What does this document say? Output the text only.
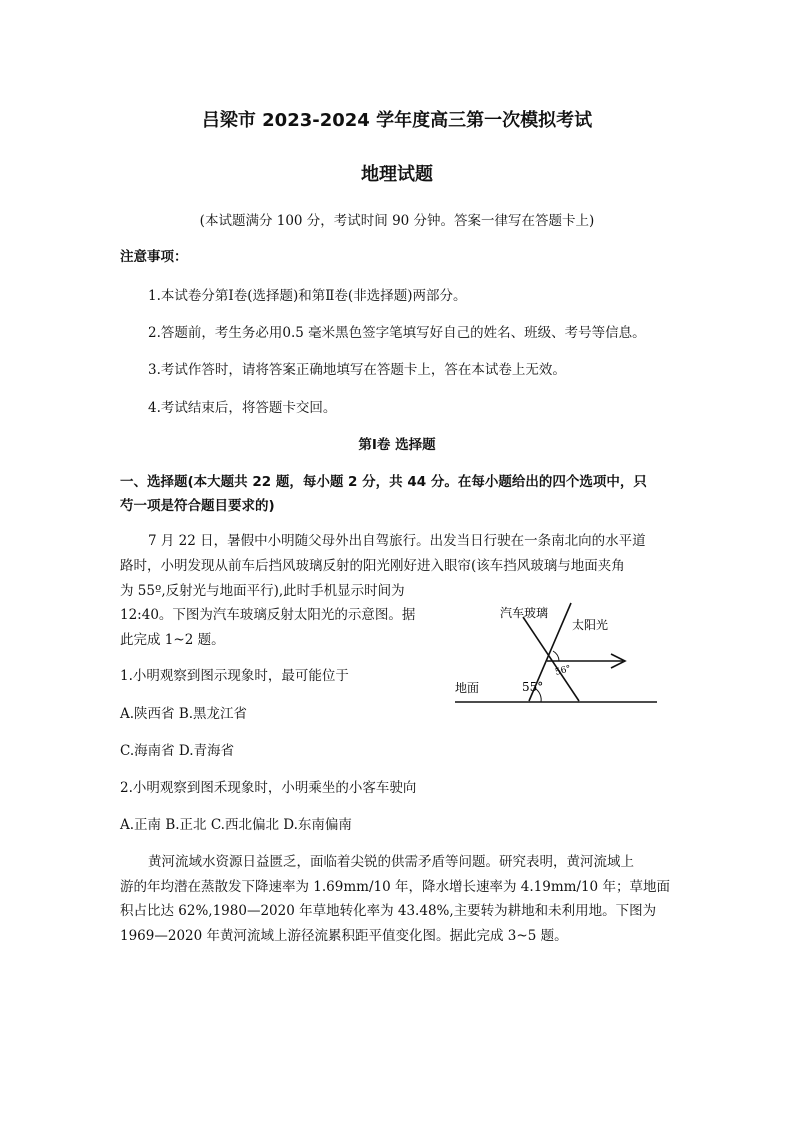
吕梁市 2023-2024 学年度高三第一次模拟考试
地理试题
(本试题满分 100 分，考试时间 90 分钟。答案一律写在答题卡上)
注意事项：
1.本试卷分第Ⅰ卷(选择题)和第Ⅱ卷(非选择题)两部分。
2.答题前，考生务必用0.5 毫米黑色签字笔填写好自己的姓名、班级、考号等信息。
3.考试作答时，请将答案正确地填写在答题卡上，答在本试卷上无效。
4.考试结束后，将答题卡交回。
第Ⅰ卷 选择题
一、选择题(本大题共 22 题，每小题 2 分，共 44 分。在每小题给出的四个选项中，只
芍一项是符合题目要求的)
7 月 22 日，暑假中小明随父母外出自驾旅行。出发当日行驶在一条南北向的水平道
路时，小明发现从前车后挡风玻璃反射的阳光刚好进入眼帘(该车挡风玻璃与地面夹角
为 55º,反射光与地面平行),此时手机显示时间为
12:40。下图为汽车玻璃反射太阳光的示意图。据
此完成 1~2 题。
汽车玻璃
太阳光
地面	55°
56°
1.小明观察到图示现象时，最可能位于
A.陕西省 B.黑龙江省
C.海南省 D.青海省
2.小明观察到图禾现象时，小明乘坐的小客车驶向
A.正南 B.正北 C.西北偏北 D.东南偏南
黄河流域水资源日益匮乏，面临着尖锐的供需矛盾等问题。研究表明，黄河流域上
游的年均潜在蒸散发下降速率为 1.69mm/10 年，降水增长速率为 4.19mm/10 年；草地面
积占比达 62%,1980—2020 年草地转化率为 43.48%,主要转为耕地和未利用地。下图为
1969—2020 年黄河流域上游径流累积距平值变化图。据此完成 3~5 题。
